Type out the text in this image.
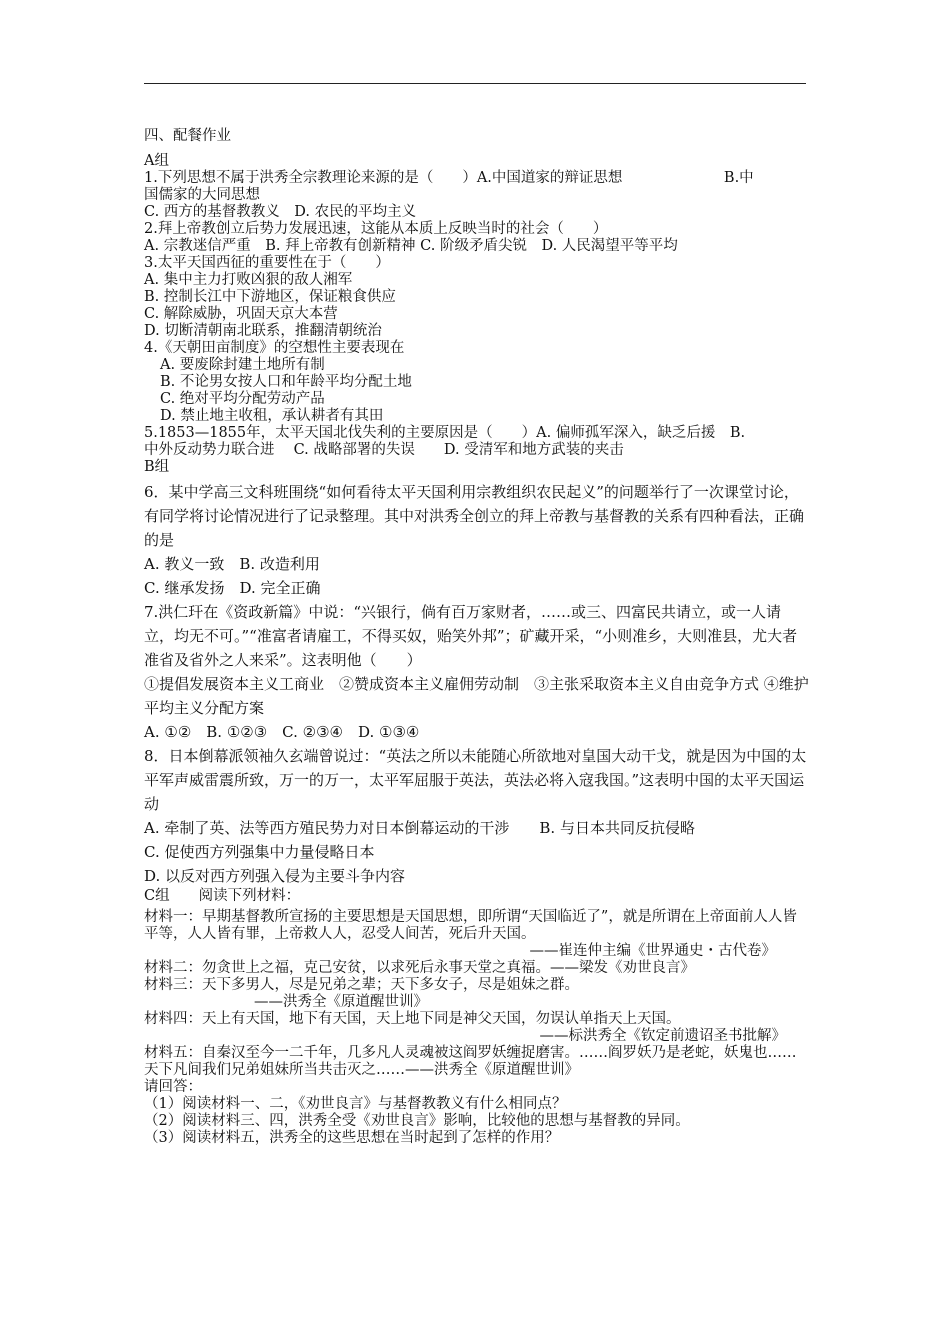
四、配餐作业
A组
1.下列思想不属于洪秀全宗教理论来源的是（　　）A.中国道家的辩证思想　　　　　　　B.中
国儒家的大同思想
C. 西方的基督教教义　D. 农民的平均主义
2.拜上帝教创立后势力发展迅速，这能从本质上反映当时的社会（　　）
A. 宗教迷信严重　B. 拜上帝教有创新精神 C. 阶级矛盾尖锐　D. 人民渴望平等平均
3.太平天国西征的重要性在于（　　）
A. 集中主力打败凶狠的敌人湘军
B. 控制长江中下游地区，保证粮食供应
C. 解除威胁，巩固天京大本营
D. 切断清朝南北联系，推翻清朝统治
4.《天朝田亩制度》的空想性主要表现在
A. 要废除封建土地所有制
B. 不论男女按人口和年龄平均分配土地
C. 绝对平均分配劳动产品
D. 禁止地主收租，承认耕者有其田
5.1853—1855年，太平天国北伐失利的主要原因是（　　）A. 偏师孤军深入，缺乏后援　B.
中外反动势力联合进　 C. 战略部署的失误　　D. 受清军和地方武装的夹击
B组
6．某中学高三文科班围绕“如何看待太平天国利用宗教组织农民起义”的问题举行了一次课堂讨论，有同学将讨论情况进行了记录整理。其中对洪秀全创立的拜上帝教与基督教的关系有四种看法，正确的是
A. 教义一致　B. 改造利用
C. 继承发扬　D. 完全正确
7.洪仁玕在《资政新篇》中说：“兴银行，倘有百万家财者，……或三、四富民共请立，或一人请立，均无不可。”“准富者请雇工，不得买奴，贻笑外邦”；矿藏开采，“小则准乡，大则准县，尤大者准省及省外之人来采”。这表明他（　　）
①提倡发展资本主义工商业　②赞成资本主义雇佣劳动制　③主张采取资本主义自由竞争方式 ④维护平均主义分配方案
A. ①②　B. ①②③　C. ②③④　D. ①③④
8．日本倒幕派领袖久玄端曾说过：“英法之所以未能随心所欲地对皇国大动干戈，就是因为中国的太平军声威雷震所致，万一的万一，太平军屈服于英法，英法必将入寇我国。”这表明中国的太平天国运动
A. 牵制了英、法等西方殖民势力对日本倒幕运动的干涉　　 B. 与日本共同反抗侵略
C. 促使西方列强集中力量侵略日本
D. 以反对西方列强入侵为主要斗争内容
C组　　阅读下列材料：
材料一：早期基督教所宣扬的主要思想是天国思想，即所谓“天国临近了”，就是所谓在上帝面前人人皆平等，人人皆有罪，上帝救人人，忍受人间苦，死后升天国。
——崔连仲主编《世界通史・古代卷》
材料二：勿贪世上之福，克己安贫，以求死后永事天堂之真福。——梁发《劝世良言》
材料三：天下多男人，尽是兄弟之辈；天下多女子，尽是姐妹之群。
——洪秀全《原道醒世训》
材料四：天上有天国，地下有天国，天上地下同是神父天国，勿误认单指天上天国。
——标洪秀全《钦定前遗诏圣书批解》
材料五：自秦汉至今一二千年，几多凡人灵魂被这阎罗妖缠捉磨害。……阎罗妖乃是老蛇，妖鬼也……天下凡间我们兄弟姐妹所当共击灭之……——洪秀全《原道醒世训》
请回答：
（1）阅读材料一、二，《劝世良言》与基督教教义有什么相同点？
（2）阅读材料三、四，洪秀全受《劝世良言》影响，比较他的思想与基督教的异同。
（3）阅读材料五，洪秀全的这些思想在当时起到了怎样的作用？
